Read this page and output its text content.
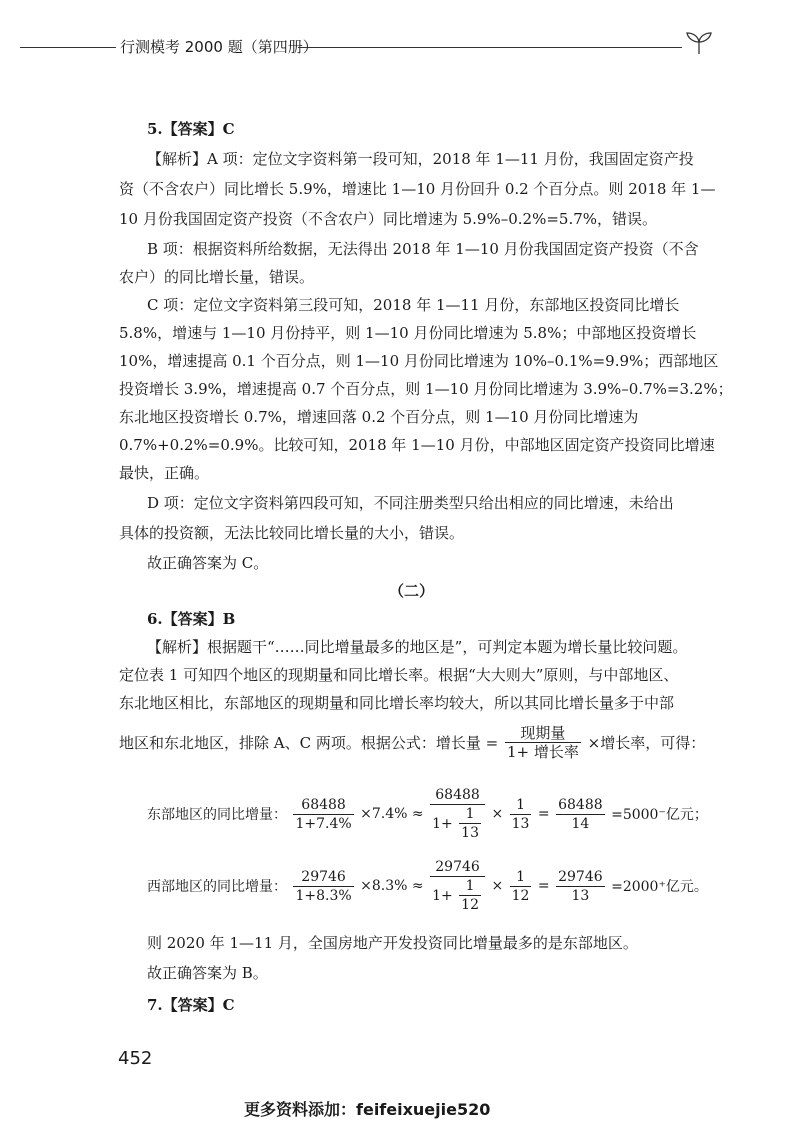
行测模考 2000 题（第四册）
5.【答案】C
【解析】A 项：定位文字资料第一段可知，2018 年 1—11 月份，我国固定资产投
资（不含农户）同比增长 5.9%，增速比 1—10 月份回升 0.2 个百分点。则 2018 年 1—
10 月份我国固定资产投资（不含农户）同比增速为 5.9%–0.2%=5.7%，错误。
B 项：根据资料所给数据，无法得出 2018 年 1—10 月份我国固定资产投资（不含
农户）的同比增长量，错误。
C 项：定位文字资料第三段可知，2018 年 1—11 月份，东部地区投资同比增长
5.8%，增速与 1—10 月份持平，则 1—10 月份同比增速为 5.8%；中部地区投资增长
10%，增速提高 0.1 个百分点，则 1—10 月份同比增速为 10%–0.1%=9.9%；西部地区
投资增长 3.9%，增速提高 0.7 个百分点，则 1—10 月份同比增速为 3.9%–0.7%=3.2%；
东北地区投资增长 0.7%，增速回落 0.2 个百分点，则 1—10 月份同比增速为
0.7%+0.2%=0.9%。比较可知，2018 年 1—10 月份，中部地区固定资产投资同比增速
最快，正确。
D 项：定位文字资料第四段可知，不同注册类型只给出相应的同比增速，未给出
具体的投资额，无法比较同比增长量的大小，错误。
故正确答案为 C。
（二）
6.【答案】B
【解析】根据题干“……同比增量最多的地区是”，可判定本题为增长量比较问题。
定位表 1 可知四个地区的现期量和同比增长率。根据“大大则大”原则，与中部地区、
东北地区相比，东部地区的现期量和同比增长率均较大，所以其同比增长量多于中部
地区和东北地区，排除 A、C 两项。根据公式：增长量 = $\frac{\text{现期量}}{\text{1+ 增长率}}$ ×增长率，可得：
东部地区的同比增量： $\frac{68488}{1+7.4\%} \times 7.4\% \approx \frac{68488}{1+ \frac{1}{13}} \times \frac{1}{13} = \frac{68488}{14} =5000^-$亿元；
西部地区的同比增量： $\frac{29746}{1+8.3\%} \times 8.3\% \approx \frac{29746}{1+ \frac{1}{12}} \times \frac{1}{12} = \frac{29746}{13} =2000^+$亿元。
则 2020 年 1—11 月，全国房地产开发投资同比增量最多的是东部地区。
故正确答案为 B。
7.【答案】C
452
更多资料添加：feifeixuejie520
